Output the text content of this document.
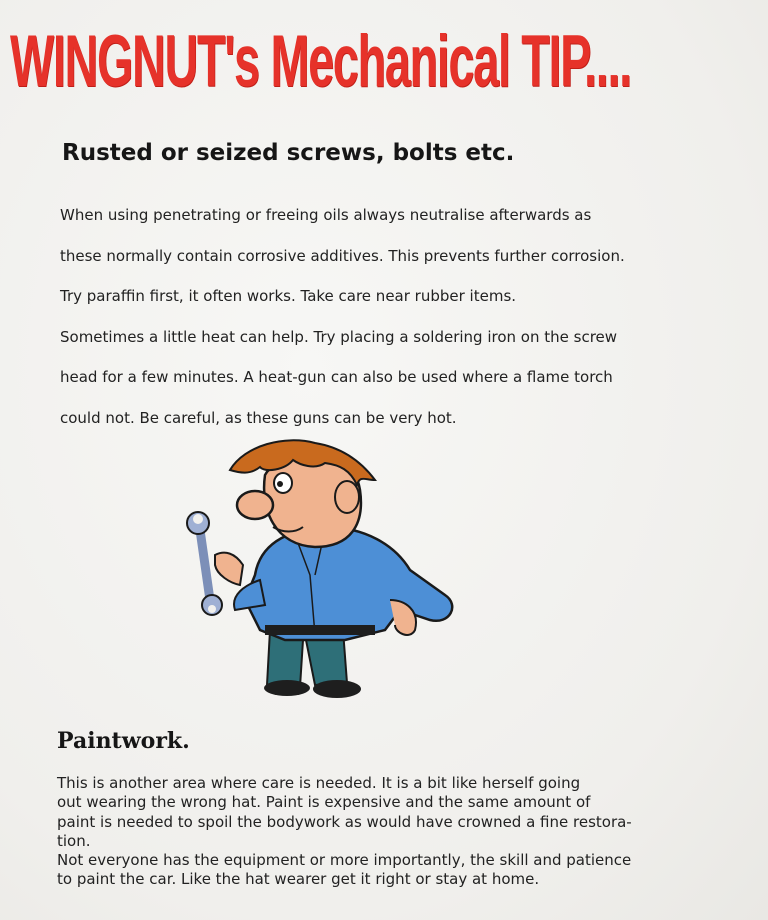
WINGNUT's Mechanical TIP....
Rusted or seized screws, bolts etc.
When using penetrating or freeing oils always neutralise afterwards as
these normally contain corrosive additives. This prevents further corrosion.
Try paraffin first, it often works. Take care near rubber items.
Sometimes a little heat can help. Try placing a soldering iron on the screw
head for a few minutes. A heat-gun can also be used where a flame torch
could not. Be careful, as these guns can be very hot.
Paintwork.
This is another area where care is needed. It is a bit like herself going
out wearing the wrong hat. Paint is expensive and the same amount of
paint is needed to spoil the bodywork as would have crowned a fine restora-
tion.
Not everyone has the equipment or more importantly, the skill and patience
to paint the car. Like the hat wearer get it right or stay at home.
